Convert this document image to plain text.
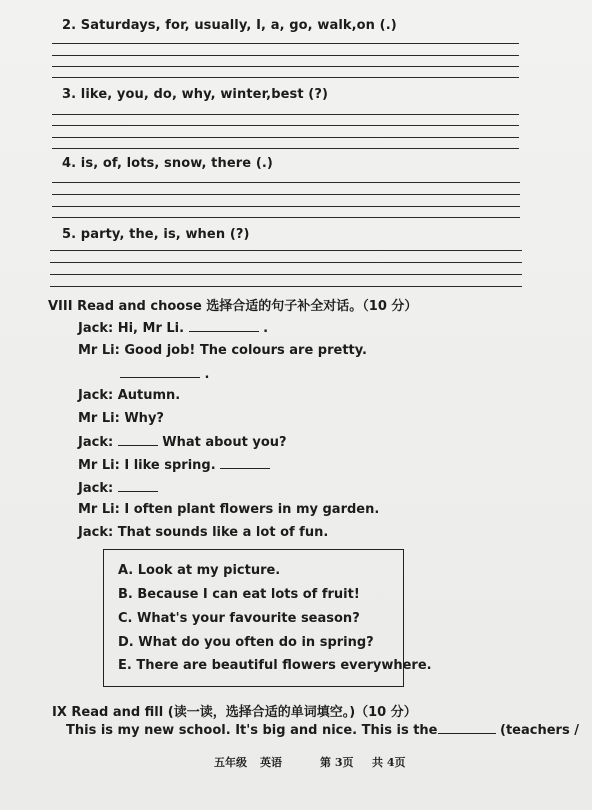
2. Saturdays, for, usually, I, a, go, walk,on (.)
3. like, you, do, why, winter,best (?)
4. is, of, lots, snow, there (.)
5. party, the, is, when (?)
VIII Read and choose 选择合适的句子补全对话。（10 分）
Jack: Hi, Mr Li.	.
Mr Li: Good job! The colours are pretty.
.
Jack: Autumn.
Mr Li: Why?
Jack:	What about you?
Mr Li: I like spring.
Jack:
Mr Li: I often plant flowers in my garden.
Jack: That sounds like a lot of fun.
A. Look at my picture.
B. Because I can eat lots of fruit!
C. What's your favourite season?
D. What do you often do in spring?
E. There are beautiful flowers everywhere.
IX Read and fill (读一读，选择合适的单词填空。)（10 分）
This is my new school. It's big and nice. This is the	(teachers /
五年级 英语	第 3页 共 4页
